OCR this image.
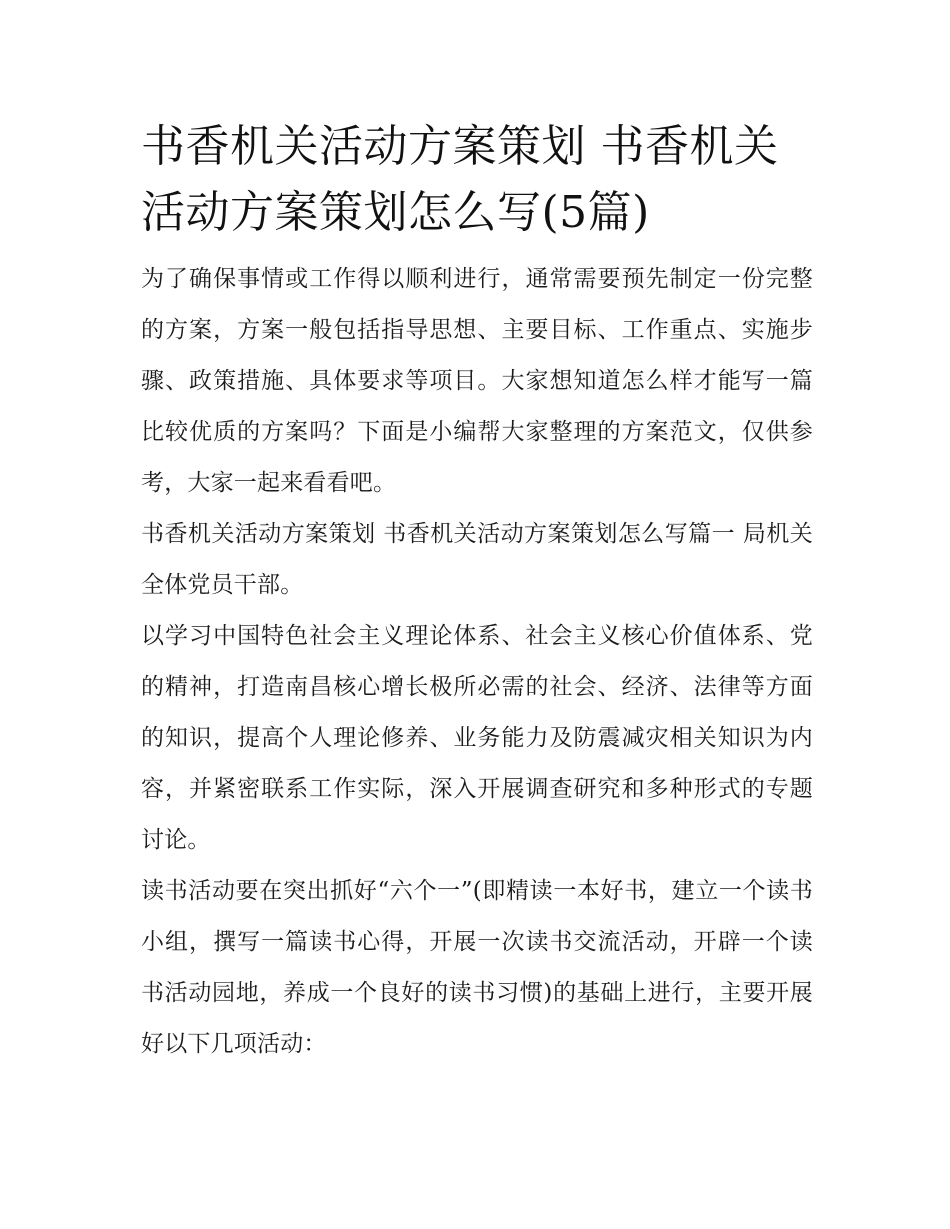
书香机关活动方案策划 书香机关活动方案策划怎么写(5篇)

为了确保事情或工作得以顺利进行，通常需要预先制定一份完整的方案，方案一般包括指导思想、主要目标、工作重点、实施步骤、政策措施、具体要求等项目。大家想知道怎么样才能写一篇比较优质的方案吗？下面是小编帮大家整理的方案范文，仅供参考，大家一起来看看吧。

书香机关活动方案策划 书香机关活动方案策划怎么写篇一 局机关全体党员干部。

以学习中国特色社会主义理论体系、社会主义核心价值体系、党的精神，打造南昌核心增长极所必需的社会、经济、法律等方面的知识，提高个人理论修养、业务能力及防震减灾相关知识为内容，并紧密联系工作实际，深入开展调查研究和多种形式的专题讨论。

读书活动要在突出抓好“六个一”(即精读一本好书，建立一个读书小组，撰写一篇读书心得，开展一次读书交流活动，开辟一个读书活动园地，养成一个良好的读书习惯)的基础上进行，主要开展好以下几项活动：
